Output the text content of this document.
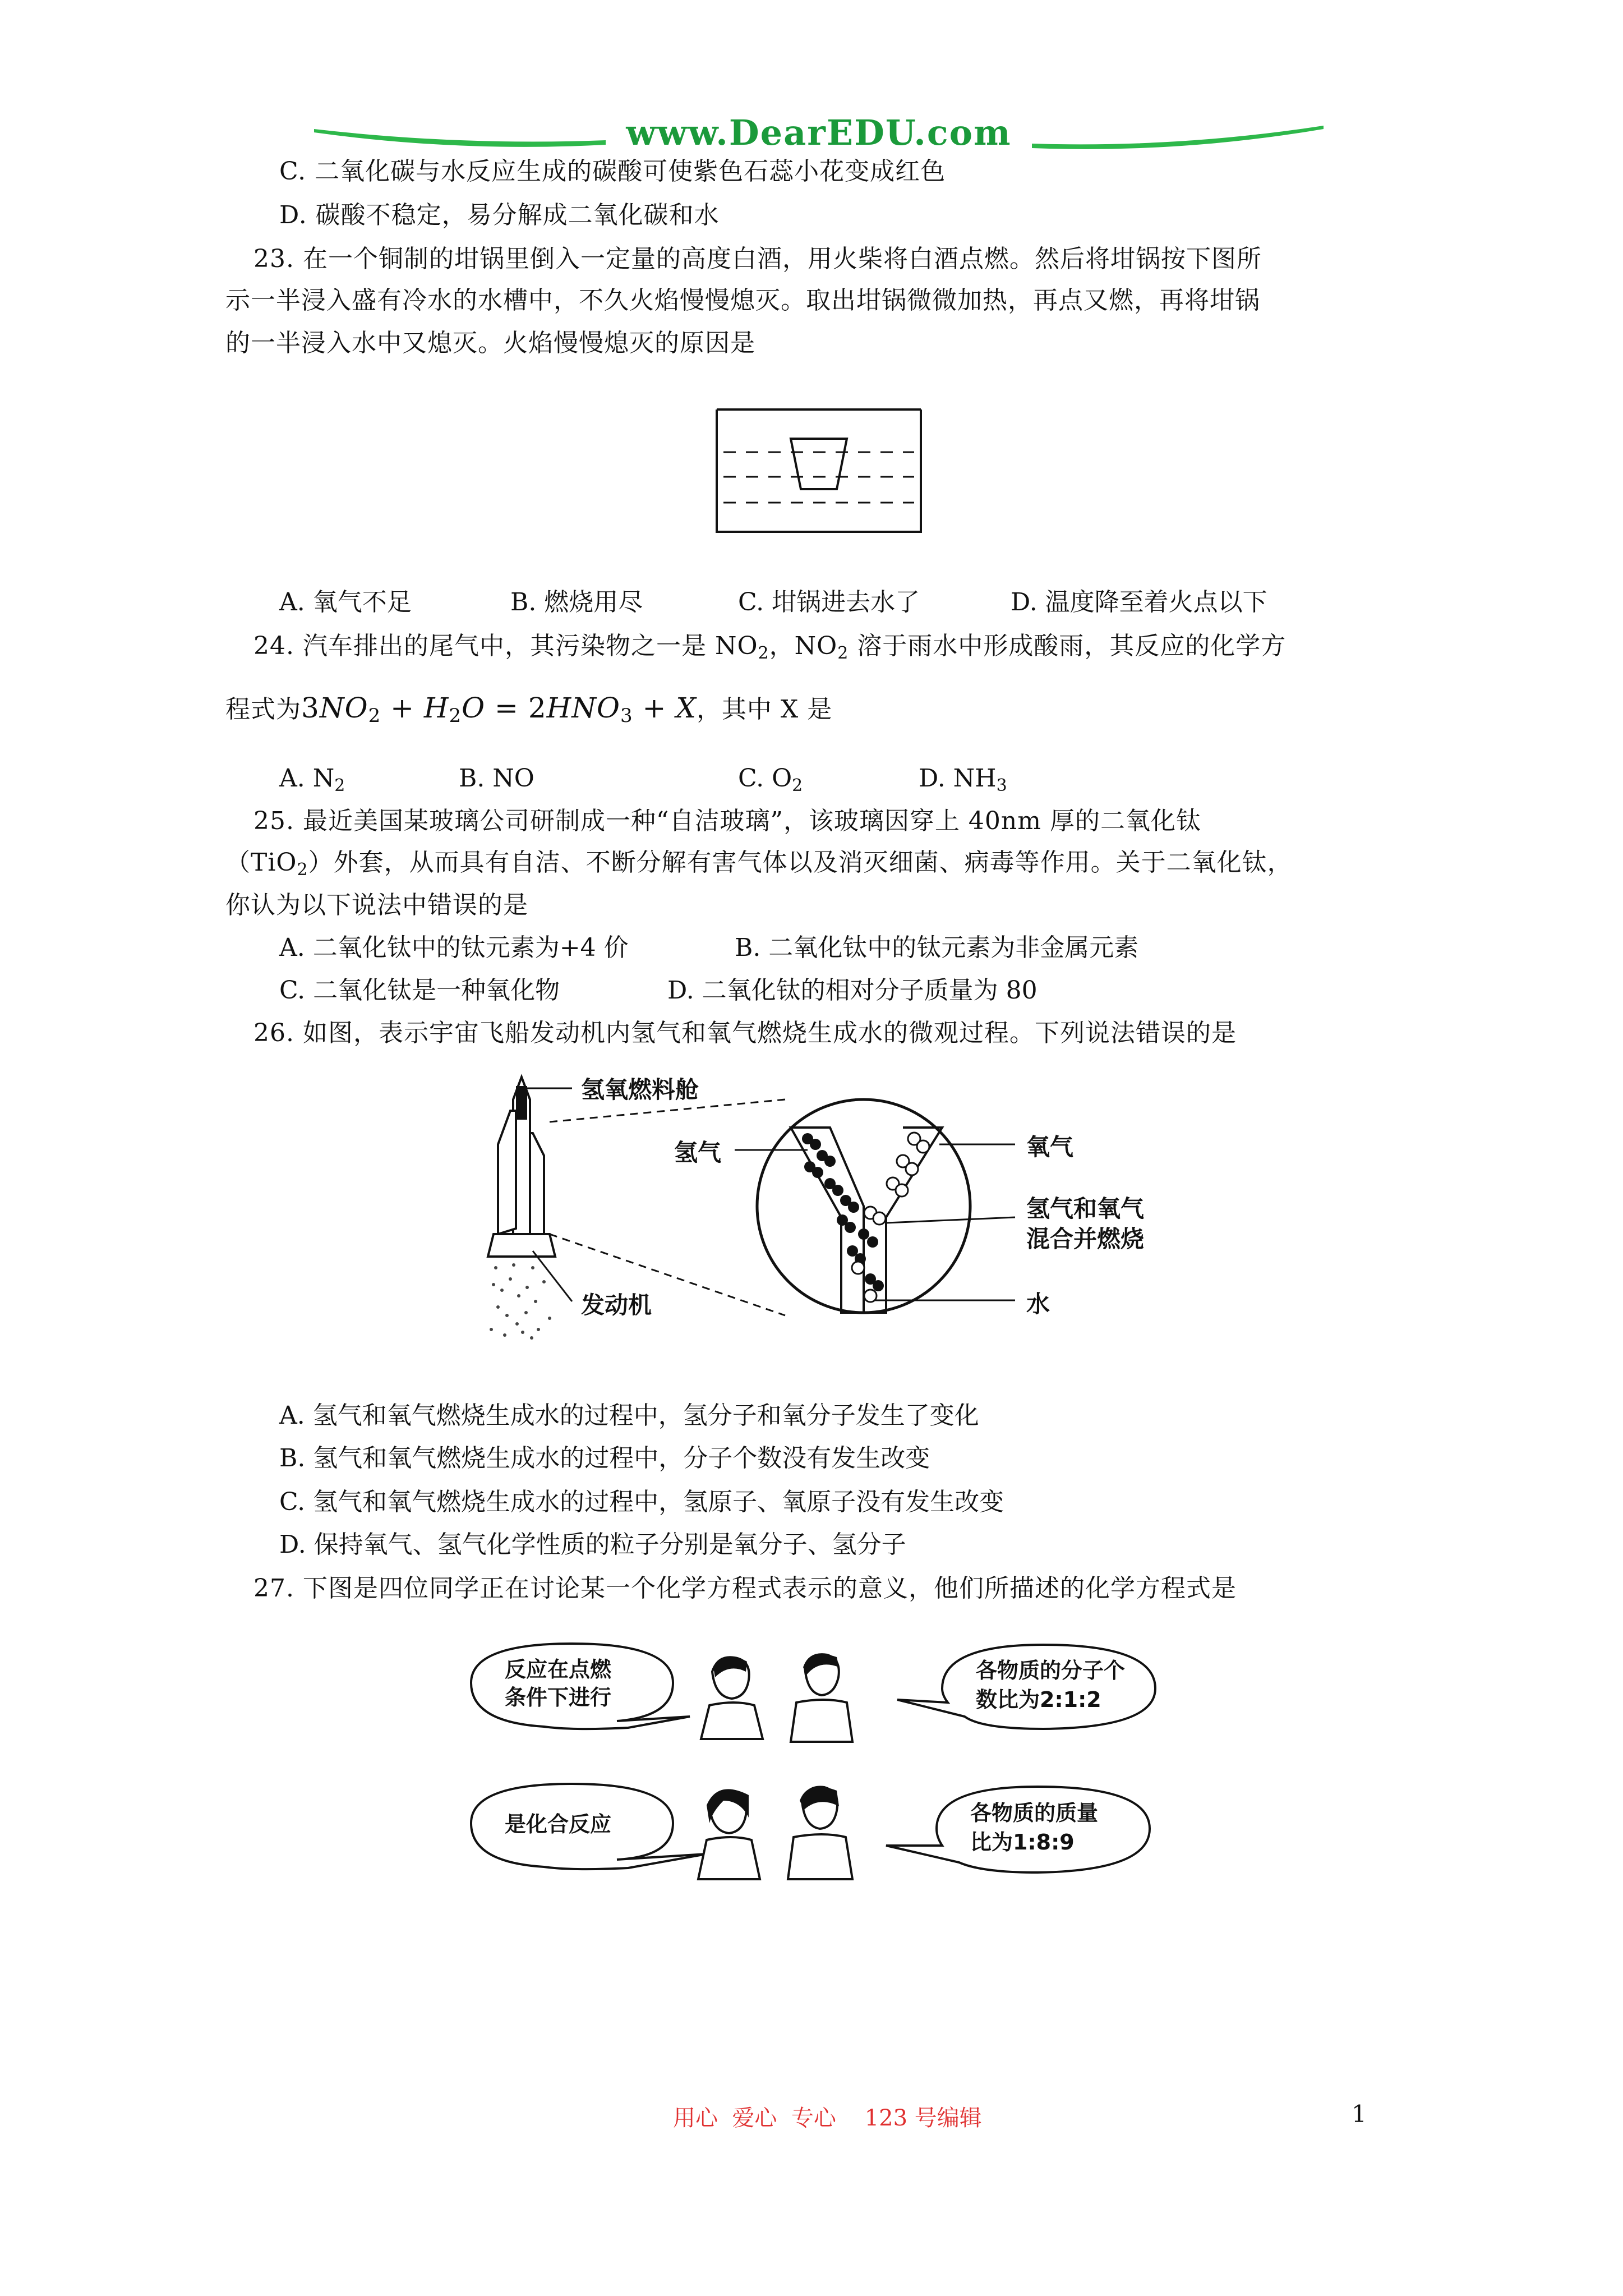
www.DearEDU.com
C. 二氧化碳与水反应生成的碳酸可使紫色石蕊小花变成红色
D. 碳酸不稳定，易分解成二氧化碳和水
23. 在一个铜制的坩锅里倒入一定量的高度白酒，用火柴将白酒点燃。然后将坩锅按下图所
示一半浸入盛有冷水的水槽中，不久火焰慢慢熄灭。取出坩锅微微加热，再点又燃，再将坩锅
的一半浸入水中又熄灭。火焰慢慢熄灭的原因是
A. 氧气不足	B. 燃烧用尽	C. 坩锅进去水了	D. 温度降至着火点以下
24. 汽车排出的尾气中，其污染物之一是 $NO_2$，$NO_2$ 溶于雨水中形成酸雨，其反应的化学方
程式为$3NO_2 + H_2O = 2HNO_3 + X$，其中 X 是
A. $N_2$	B. NO	C. $O_2$	D. $NH_3$
25. 最近美国某玻璃公司研制成一种“自洁玻璃”，该玻璃因穿上 40nm 厚的二氧化钛
（TiO$_2$）外套，从而具有自洁、不断分解有害气体以及消灭细菌、病毒等作用。关于二氧化钛，
你认为以下说法中错误的是
A. 二氧化钛中的钛元素为+4 价	B. 二氧化钛中的钛元素为非金属元素
C. 二氧化钛是一种氧化物	D. 二氧化钛的相对分子质量为 80
26. 如图，表示宇宙飞船发动机内氢气和氧气燃烧生成水的微观过程。下列说法错误的是
氢氧燃料舱
氢气	氧气
氢气和氧气
混合并燃烧
水
发动机
A. 氢气和氧气燃烧生成水的过程中，氢分子和氧分子发生了变化
B. 氢气和氧气燃烧生成水的过程中，分子个数没有发生改变
C. 氢气和氧气燃烧生成水的过程中，氢原子、氧原子没有发生改变
D. 保持氧气、氢气化学性质的粒子分别是氧分子、氢分子
27. 下图是四位同学正在讨论某一个化学方程式表示的意义，他们所描述的化学方程式是
反应在点燃
条件下进行
各物质的分子个
数比为2:1:2
是化合反应	各物质的质量
比为1:8:9
用心  爱心  专心    123 号编辑	1
